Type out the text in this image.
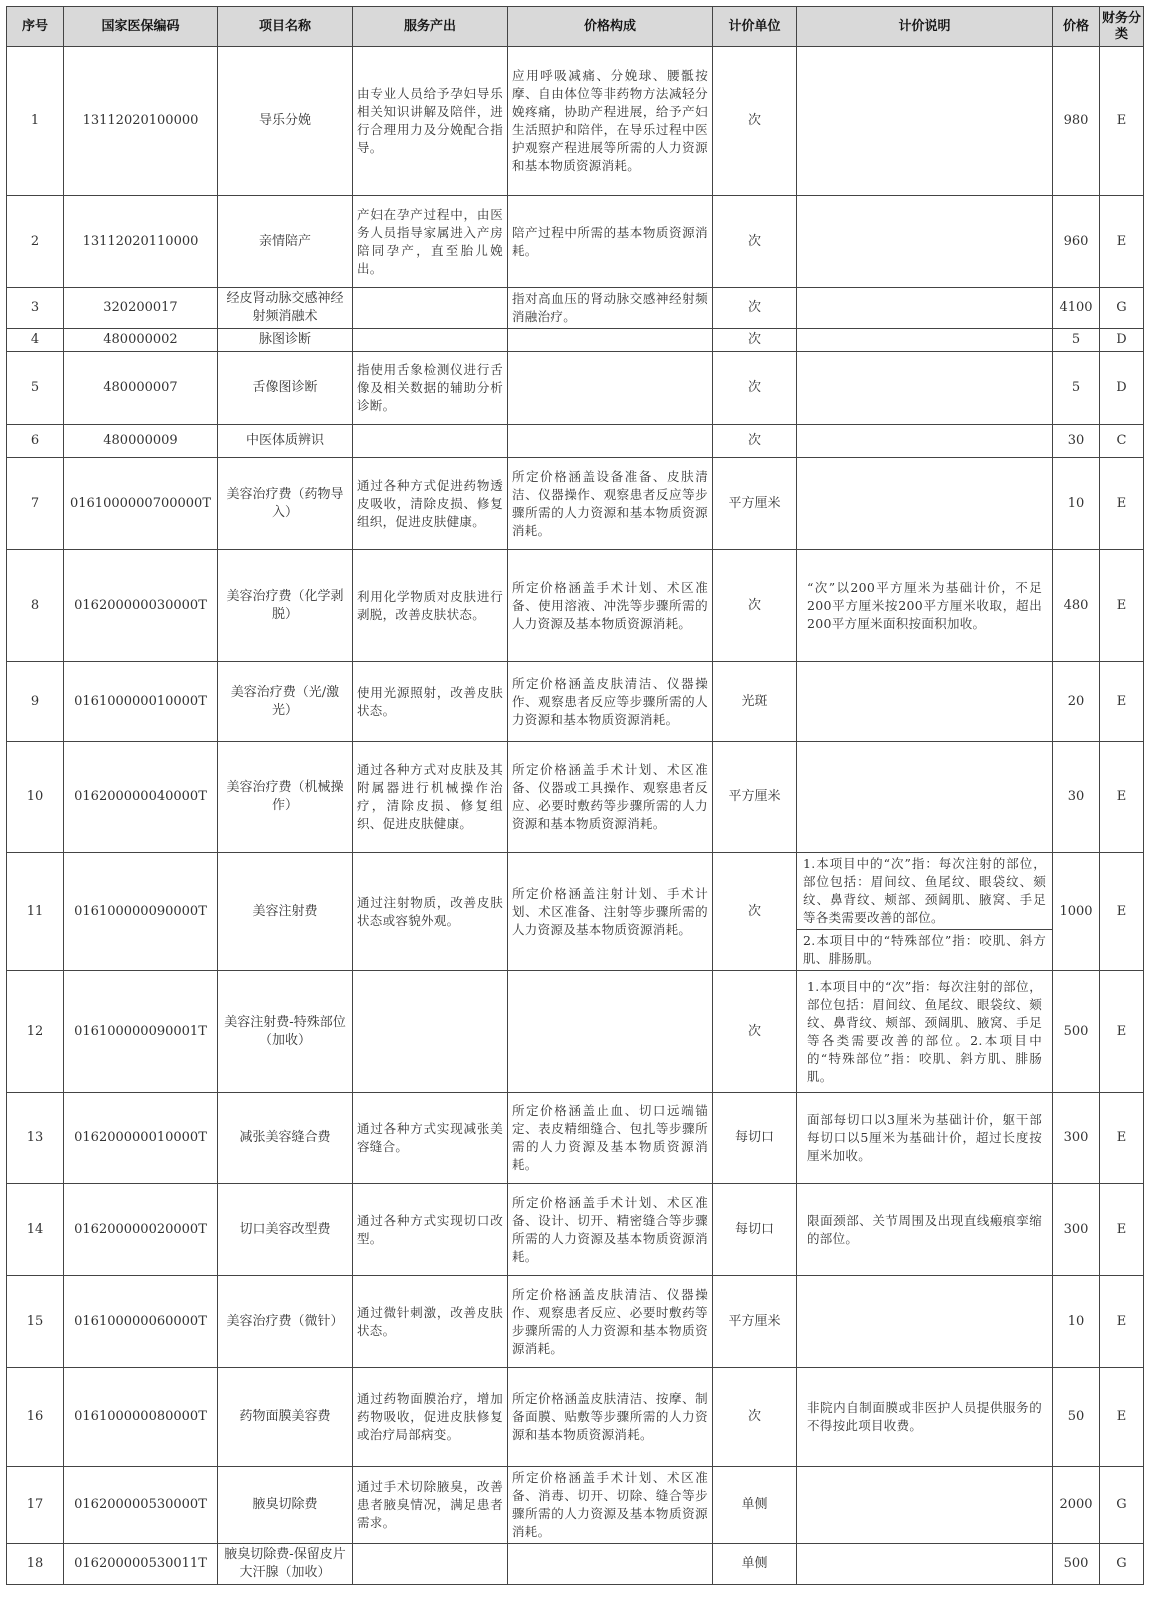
序号	国家医保编码	项目名称	服务产出	价格构成	计价单位	计价说明	价格	财务分类

1	13112020100000	导乐分娩	由专业人员给予孕妇导乐相关知识讲解及陪伴，进行合理用力及分娩配合指导。	应用呼吸减痛、分娩球、腰骶按摩、自由体位等非药物方法减轻分娩疼痛，协助产程进展，给予产妇生活照护和陪伴，在导乐过程中医护观察产程进展等所需的人力资源和基本物质资源消耗。	次		980	E

2	13112020110000	亲情陪产	产妇在孕产过程中，由医务人员指导家属进入产房陪同孕产，直至胎儿娩出。	陪产过程中所需的基本物质资源消耗。	次		960	E

3	320200017	经皮肾动脉交感神经射频消融术		指对高血压的肾动脉交感神经射频消融治疗。	次		4100	G

4	480000002	脉图诊断			次		5	D

5	480000007	舌像图诊断	指使用舌象检测仪进行舌像及相关数据的辅助分析诊断。		次		5	D

6	480000009	中医体质辨识			次		30	C

7	0161000000700000T	美容治疗费（药物导入）	通过各种方式促进药物透皮吸收，清除皮损、修复组织，促进皮肤健康。	所定价格涵盖设备准备、皮肤清洁、仪器操作、观察患者反应等步骤所需的人力资源和基本物质资源消耗。	平方厘米		10	E

8	016200000030000T	美容治疗费（化学剥脱）	利用化学物质对皮肤进行剥脱，改善皮肤状态。	所定价格涵盖手术计划、术区准备、使用溶液、冲洗等步骤所需的人力资源及基本物质资源消耗。	次	“次”以200平方厘米为基础计价，不足200平方厘米按200平方厘米收取，超出200平方厘米面积按面积加收。	480	E

9	016100000010000T	美容治疗费（光/激光）	使用光源照射，改善皮肤状态。	所定价格涵盖皮肤清洁、仪器操作、观察患者反应等步骤所需的人力资源和基本物质资源消耗。	光斑		20	E

10	016200000040000T	美容治疗费（机械操作）	通过各种方式对皮肤及其附属器进行机械操作治疗，清除皮损、修复组织、促进皮肤健康。	所定价格涵盖手术计划、术区准备、仪器或工具操作、观察患者反应、必要时敷药等步骤所需的人力资源和基本物质资源消耗。	平方厘米		30	E

11	016100000090000T	美容注射费	通过注射物质，改善皮肤状态或容貌外观。	所定价格涵盖注射计划、手术计划、术区准备、注射等步骤所需的人力资源及基本物质资源消耗。	次	1.本项目中的“次”指：每次注射的部位，部位包括：眉间纹、鱼尾纹、眼袋纹、颏纹、鼻背纹、颊部、颈阔肌、腋窝、手足等各类需要改善的部位。
2.本项目中的“特殊部位”指：咬肌、斜方肌、腓肠肌。	1000	E

12	016100000090001T	美容注射费-特殊部位（加收）			次	1.本项目中的“次”指：每次注射的部位，部位包括：眉间纹、鱼尾纹、眼袋纹、颏纹、鼻背纹、颊部、颈阔肌、腋窝、手足等各类需要改善的部位。2.本项目中的“特殊部位”指：咬肌、斜方肌、腓肠肌。	500	E

13	016200000010000T	减张美容缝合费	通过各种方式实现减张美容缝合。	所定价格涵盖止血、切口远端锚定、表皮精细缝合、包扎等步骤所需的人力资源及基本物质资源消耗。	每切口	面部每切口以3厘米为基础计价，躯干部每切口以5厘米为基础计价，超过长度按厘米加收。	300	E

14	016200000020000T	切口美容改型费	通过各种方式实现切口改型。	所定价格涵盖手术计划、术区准备、设计、切开、精密缝合等步骤所需的人力资源及基本物质资源消耗。	每切口	限面颈部、关节周围及出现直线瘢痕挛缩的部位。	300	E

15	016100000060000T	美容治疗费（微针）	通过微针刺激，改善皮肤状态。	所定价格涵盖皮肤清洁、仪器操作、观察患者反应、必要时敷药等步骤所需的人力资源和基本物质资源消耗。	平方厘米		10	E

16	016100000080000T	药物面膜美容费	通过药物面膜治疗，增加药物吸收，促进皮肤修复或治疗局部病变。	所定价格涵盖皮肤清洁、按摩、制备面膜、贴敷等步骤所需的人力资源和基本物质资源消耗。	次	非院内自制面膜或非医护人员提供服务的不得按此项目收费。	50	E

17	016200000530000T	腋臭切除费	通过手术切除腋臭，改善患者腋臭情况，满足患者需求。	所定价格涵盖手术计划、术区准备、消毒、切开、切除、缝合等步骤所需的人力资源及基本物质资源消耗。	单侧		2000	G

18	016200000530011T	腋臭切除费-保留皮片大汗腺（加收）			单侧		500	G
